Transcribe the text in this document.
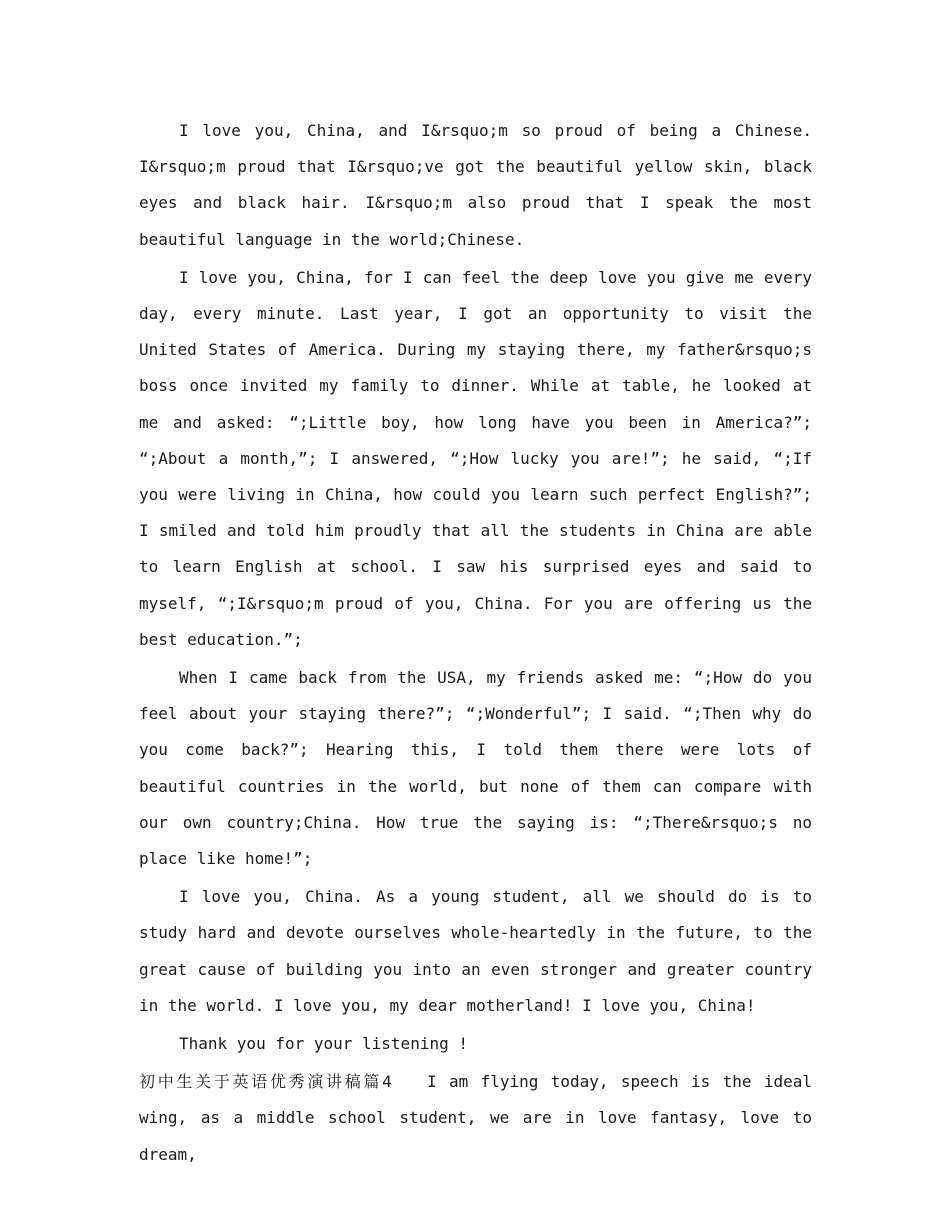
I love you, China, and I&rsquo;m so proud of being a Chinese. I&rsquo;m proud that I&rsquo;ve got the beautiful yellow skin, black eyes and black hair. I&rsquo;m also proud that I speak the most beautiful language in the world;Chinese.

I love you, China, for I can feel the deep love you give me every day, every minute. Last year, I got an opportunity to visit the United States of America. During my staying there, my father&rsquo;s boss once invited my family to dinner. While at table, he looked at me and asked: “;Little boy, how long have you been in America?”; “;About a month,”; I answered, “;How lucky you are!”; he said, “;If you were living in China, how could you learn such perfect English?”; I smiled and told him proudly that all the students in China are able to learn English at school. I saw his surprised eyes and said to myself, “;I&rsquo;m proud of you, China. For you are offering us the best education.”;

When I came back from the USA, my friends asked me: “;How do you feel about your staying there?”; “;Wonderful”; I said. “;Then why do you come back?”; Hearing this, I told them there were lots of beautiful countries in the world, but none of them can compare with our own country;China. How true the saying is: “;There&rsquo;s no place like home!”;

I love you, China. As a young student, all we should do is to study hard and devote ourselves whole-heartedly in the future, to the great cause of building you into an even stronger and greater country in the world. I love you, my dear motherland! I love you, China!

Thank you for your listening !

初中生关于英语优秀演讲稿篇4 I am flying today, speech is the ideal wing, as a middle school student, we are in love fantasy, love to dream,
